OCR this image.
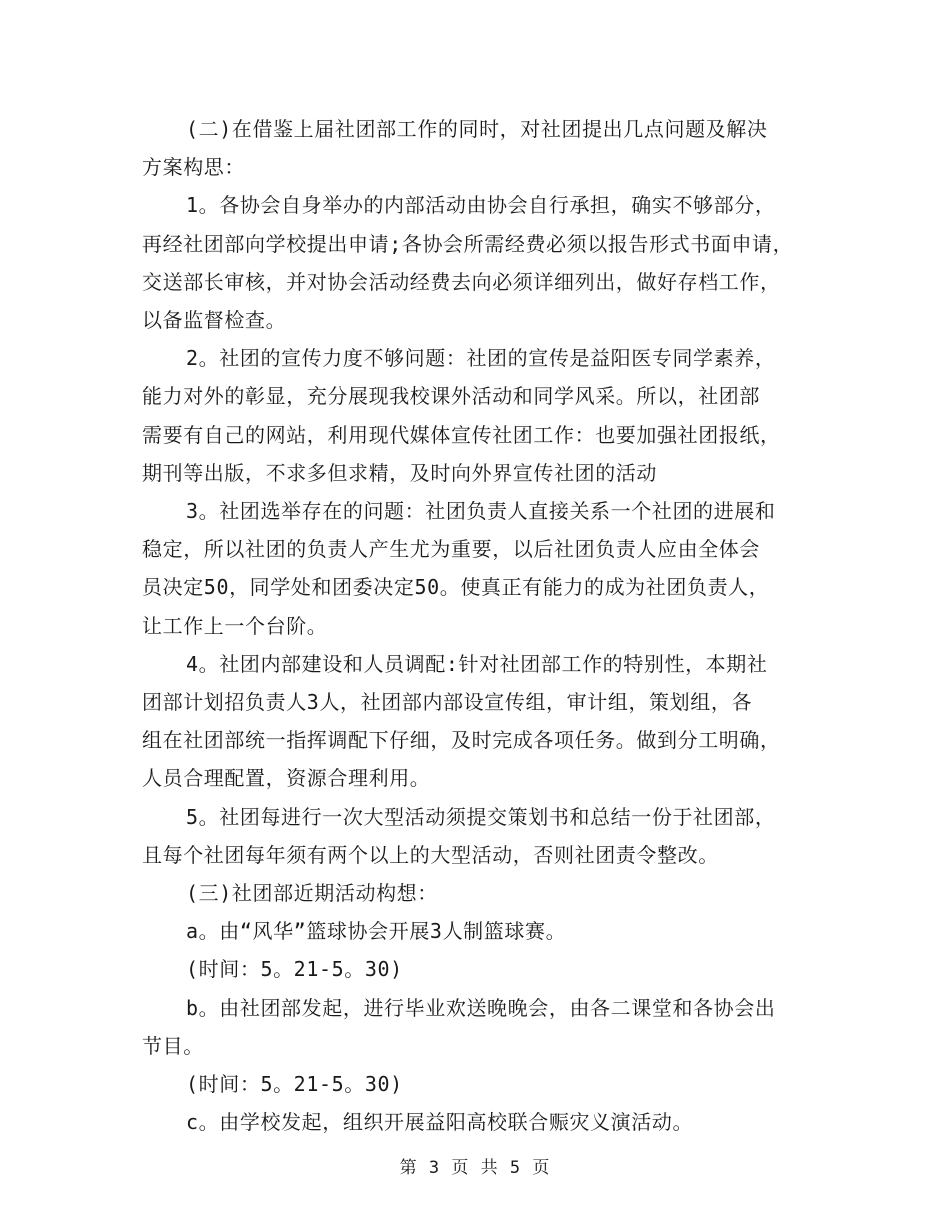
(二)在借鉴上届社团部工作的同时，对社团提出几点问题及解决
方案构思：

1。各协会自身举办的内部活动由协会自行承担，确实不够部分，
再经社团部向学校提出申请;各协会所需经费必须以报告形式书面申请，
交送部长审核，并对协会活动经费去向必须详细列出，做好存档工作，
以备监督检查。

2。社团的宣传力度不够问题：社团的宣传是益阳医专同学素养，
能力对外的彰显，充分展现我校课外活动和同学风采。所以，社团部
需要有自己的网站，利用现代媒体宣传社团工作：也要加强社团报纸，
期刊等出版，不求多但求精，及时向外界宣传社团的活动

3。社团选举存在的问题：社团负责人直接关系一个社团的进展和
稳定，所以社团的负责人产生尤为重要，以后社团负责人应由全体会
员决定50，同学处和团委决定50。使真正有能力的成为社团负责人，
让工作上一个台阶。

4。社团内部建设和人员调配:针对社团部工作的特别性，本期社
团部计划招负责人3人，社团部内部设宣传组，审计组，策划组，各
组在社团部统一指挥调配下仔细，及时完成各项任务。做到分工明确，
人员合理配置，资源合理利用。

5。社团每进行一次大型活动须提交策划书和总结一份于社团部，
且每个社团每年须有两个以上的大型活动，否则社团责令整改。

(三)社团部近期活动构想：

a。由“风华”篮球协会开展3人制篮球赛。

(时间：5。21-5。30)

b。由社团部发起，进行毕业欢送晚晚会，由各二课堂和各协会出
节目。

(时间：5。21-5。30)

c。由学校发起，组织开展益阳高校联合赈灾义演活动。

第 3 页 共 5 页
